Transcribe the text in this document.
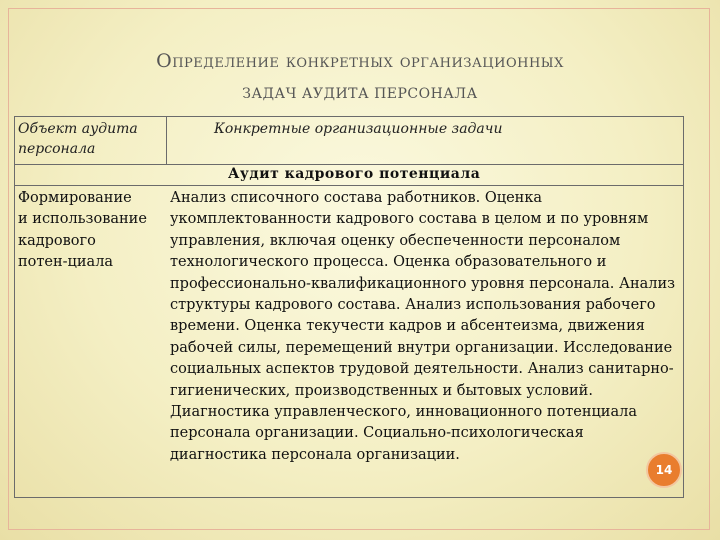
Определение конкретных организационных
ЗАДАЧ АУДИТА ПЕРСОНАЛА
Объект аудита персонала
Конкретные организационные задачи
Аудит кадрового потенциала
Формирование
и использование
кадрового
потен-циала
Анализ списочного состава работников. Оценка укомплектованности кадрового состава в целом и по уровням управления, включая оценку обеспеченности персоналом технологического процесса. Оценка образовательного и профессионально-квалификационного уровня персонала. Анализ структуры кадрового состава. Анализ использования рабочего времени. Оценка текучести кадров и абсентеизма, движения рабочей силы, перемещений внутри организации. Исследование социальных аспектов трудовой деятельности. Анализ санитарно-гигиенических, производственных и бытовых условий. Диагностика управленческого, инновационного потенциала персонала организации. Социально-психологическая диагностика персонала организации.
14
